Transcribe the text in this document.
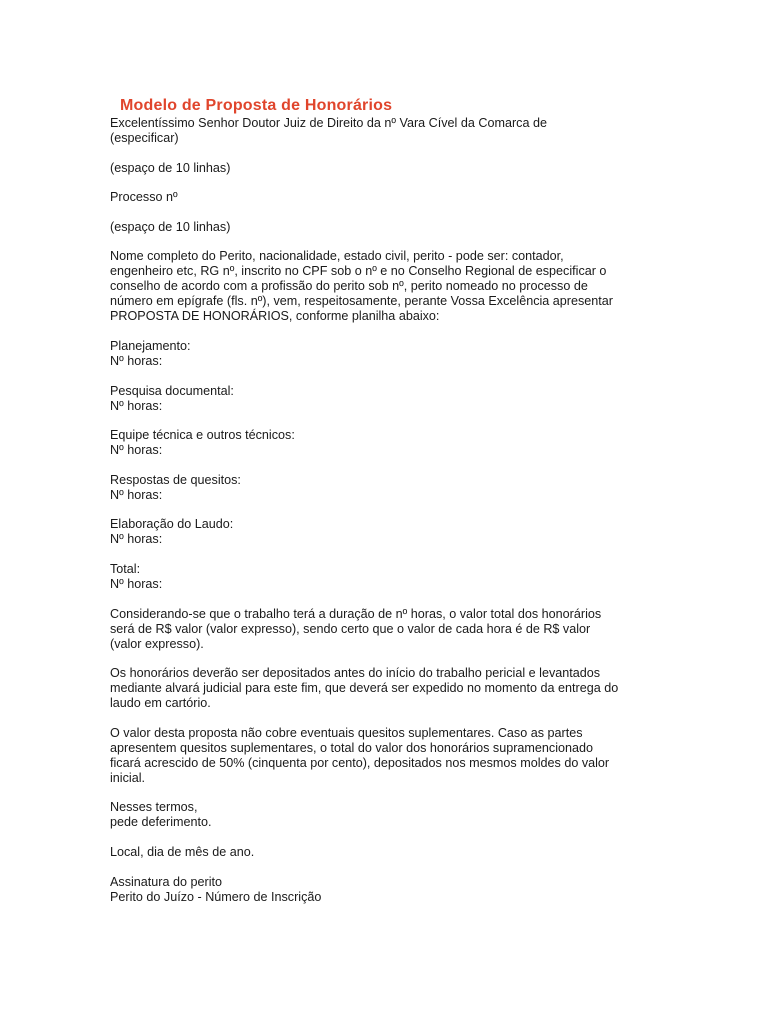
Modelo de Proposta de Honorários

Excelentíssimo Senhor Doutor Juiz de Direito da nº Vara Cível da Comarca de
(especificar)

(espaço de 10 linhas)

Processo nº

(espaço de 10 linhas)

Nome completo do Perito, nacionalidade, estado civil, perito - pode ser: contador,
engenheiro etc, RG nº, inscrito no CPF sob o nº e no Conselho Regional de especificar o
conselho de acordo com a profissão do perito sob nº, perito nomeado no processo de
número em epígrafe (fls. nº), vem, respeitosamente, perante Vossa Excelência apresentar
PROPOSTA DE HONORÁRIOS, conforme planilha abaixo:

Planejamento:
Nº horas:

Pesquisa documental:
Nº horas:

Equipe técnica e outros técnicos:
Nº horas:

Respostas de quesitos:
Nº horas:

Elaboração do Laudo:
Nº horas:

Total:
Nº horas:

Considerando-se que o trabalho terá a duração de nº horas, o valor total dos honorários
será de R$ valor (valor expresso), sendo certo que o valor de cada hora é de R$ valor
(valor expresso).

Os honorários deverão ser depositados antes do início do trabalho pericial e levantados
mediante alvará judicial para este fim, que deverá ser expedido no momento da entrega do
laudo em cartório.

O valor desta proposta não cobre eventuais quesitos suplementares. Caso as partes
apresentem quesitos suplementares, o total do valor dos honorários supramencionado
ficará acrescido de 50% (cinquenta por cento), depositados nos mesmos moldes do valor
inicial.

Nesses termos,
pede deferimento.

Local, dia de mês de ano.

Assinatura do perito
Perito do Juízo - Número de Inscrição
